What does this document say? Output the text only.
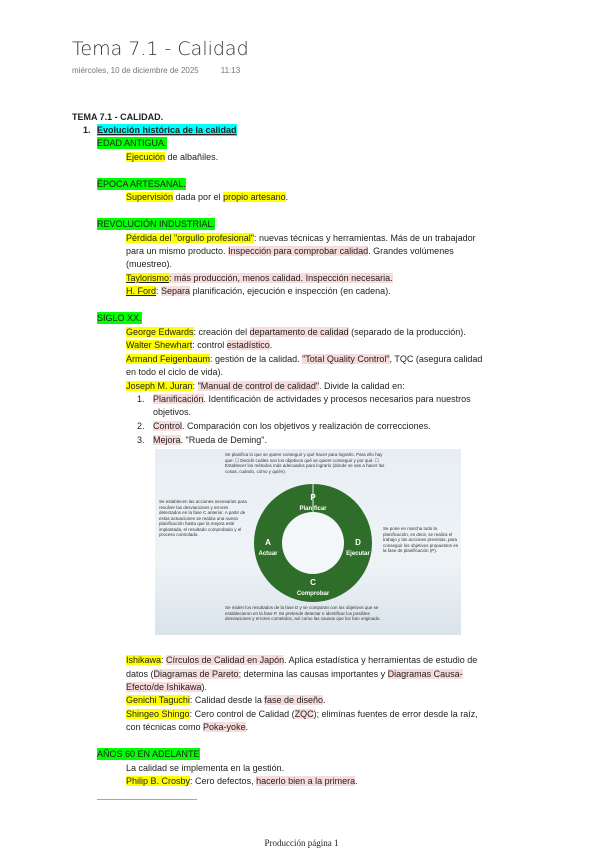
Tema 7.1 - Calidad
miércoles, 10 de diciembre de 2025	11:13
TEMA 7.1 - CALIDAD.
1. Evolución histórica de la calidad
EDAD ANTIGUA.
Ejecución de albañiles.
ÉPOCA ARTESANAL.
Supervisión dada por el propio artesano.
REVOLUCIÓN INDUSTRIAL.
Pérdida del "orgullo profesional": nuevas técnicas y herramientas. Más de un trabajador
para un mismo producto. Inspección para comprobar calidad. Grandes volúmenes
(muestreo).
Taylorismo: más producción, menos calidad. Inspección necesaria.
H. Ford: Separa planificación, ejecución e inspección (en cadena).
SIGLO XX.
George Edwards: creación del departamento de calidad (separado de la producción).
Walter Shewhart: control estadístico.
Armand Feigenbaum: gestión de la calidad. "Total Quality Control", TQC (asegura calidad
en todo el ciclo de vida).
Joseph M. Juran: "Manual de control de calidad". Divide la calidad en:
1. Planificación. Identificación de actividades y procesos necesarios para nuestros
objetivos.
2. Control. Comparación con los objetivos y realización de correcciones.
3. Mejora. "Rueda de Deming".
Se planifica lo que se quiere conseguir y qué hacer para lograrlo. Para ello hay que: ☐ Decidir cuáles son los objetivos qué se quiere conseguir y por qué. ☐ Establecer los métodos más adecuados para lograrlo (dónde se van a hacer las cosas, cuándo, cómo y quién).
Se establecen las acciones necesarias para resolver las desviaciones y errores detectados en la fase C anterior. A partir de estas actuaciones se realiza una nueva planificación hasta que la mejora esté implantada, el resultado comprobado y el proceso controlado.
Se pone en marcha todo la planificación, es decir, se realiza el trabajo y las acciones previstas, para conseguir los objetivos propuestos en la fase de planificación (P).
Se miden los resultados de la fase D y se comparan con los objetivos que se establecieron en la fase P. Se pretende detectar e identificar los posibles desviaciones y errores cometidos, así como las causas que los han originado.
P
Planificar
A
Actuar
D
Ejecutar
C
Comprobar
Ishikawa: Círculos de Calidad en Japón. Aplica estadística y herramientas de estudio de
datos (Diagramas de Pareto; determina las causas importantes y Diagramas Causa-
Efecto/de Ishikawa).
Genichi Taguchi: Calidad desde la fase de diseño.
Shingeo Shingo: Cero control de Calidad (ZQC); elimínas fuentes de error desde la raíz,
con técnicas como Poka-yoke.
AÑOS 60 EN ADELANTE
La calidad se implementa en la gestión.
Philip B. Crosby: Cero defectos, hacerlo bien a la primera.
Producción página 1
